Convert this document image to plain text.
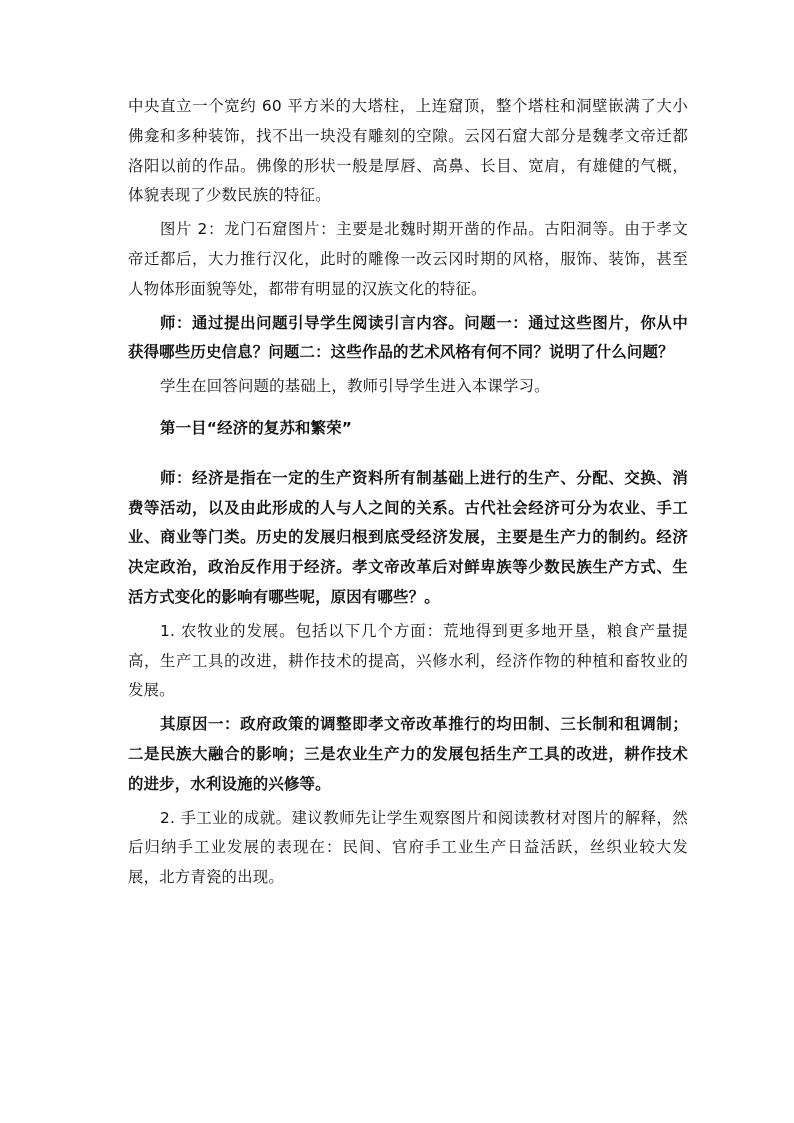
中央直立一个宽约 60 平方米的大塔柱，上连窟顶，整个塔柱和洞壁嵌满了大小佛龛和多种装饰，找不出一块没有雕刻的空隙。云冈石窟大部分是魏孝文帝迁都洛阳以前的作品。佛像的形状一般是厚唇、高鼻、长目、宽肩，有雄健的气概，体貌表现了少数民族的特征。

图片 2：龙门石窟图片：主要是北魏时期开凿的作品。古阳洞等。由于孝文帝迁都后，大力推行汉化，此时的雕像一改云冈时期的风格，服饰、装饰，甚至人物体形面貌等处，都带有明显的汉族文化的特征。

师：通过提出问题引导学生阅读引言内容。问题一：通过这些图片，你从中获得哪些历史信息？问题二：这些作品的艺术风格有何不同？说明了什么问题？

学生在回答问题的基础上，教师引导学生进入本课学习。

第一目“经济的复苏和繁荣”

师：经济是指在一定的生产资料所有制基础上进行的生产、分配、交换、消费等活动，以及由此形成的人与人之间的关系。古代社会经济可分为农业、手工业、商业等门类。历史的发展归根到底受经济发展，主要是生产力的制约。经济决定政治，政治反作用于经济。孝文帝改革后对鲜卑族等少数民族生产方式、生活方式变化的影响有哪些呢，原因有哪些？。

1. 农牧业的发展。包括以下几个方面：荒地得到更多地开垦，粮食产量提高，生产工具的改进，耕作技术的提高，兴修水利，经济作物的种植和畜牧业的发展。

其原因一：政府政策的调整即孝文帝改革推行的均田制、三长制和租调制；二是民族大融合的影响；三是农业生产力的发展包括生产工具的改进，耕作技术的进步，水利设施的兴修等。

2. 手工业的成就。建议教师先让学生观察图片和阅读教材对图片的解释，然后归纳手工业发展的表现在：民间、官府手工业生产日益活跃，丝织业较大发展，北方青瓷的出现。
